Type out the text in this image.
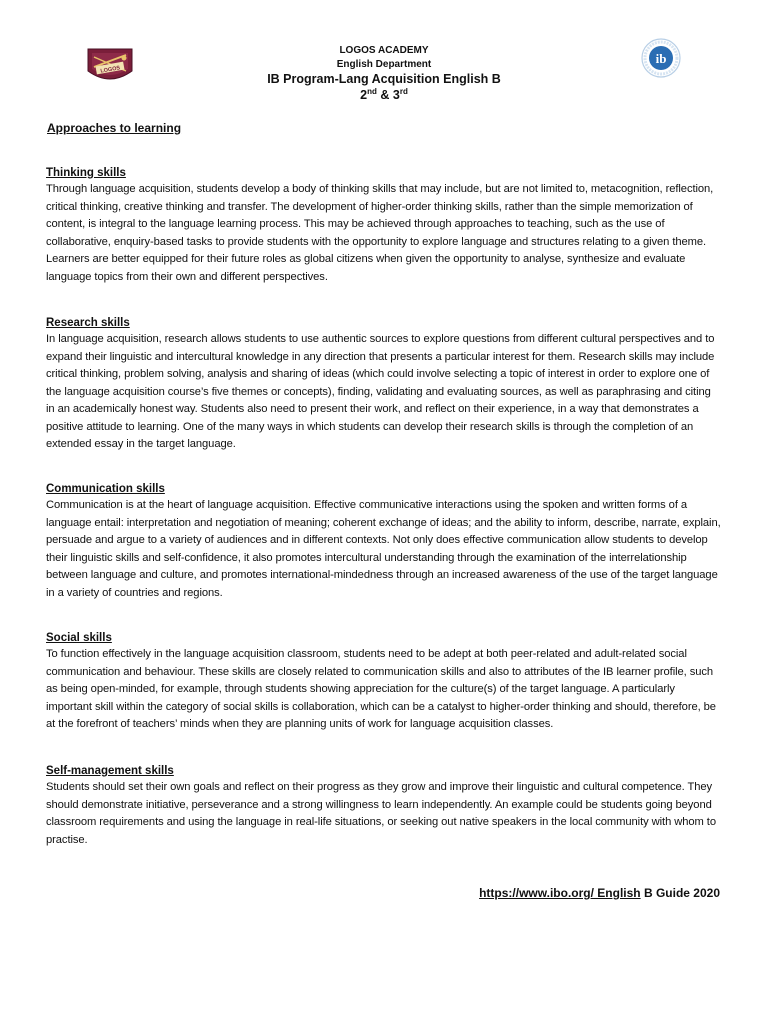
LOGOS
ib
LOGOS ACADEMY
English Department
IB Program-Lang Acquisition English B
2nd & 3rd
Approaches to learning
Thinking skills

Through language acquisition, students develop a body of thinking skills that may include, but are not limited to, metacognition, reflection, critical thinking, creative thinking and transfer. The development of higher-order thinking skills, rather than the simple memorization of content, is integral to the language learning process. This may be achieved through approaches to teaching, such as the use of collaborative, enquiry-based tasks to provide students with the opportunity to explore language and structures relating to a given theme. Learners are better equipped for their future roles as global citizens when given the opportunity to analyse, synthesize and evaluate language topics from their own and different perspectives.

Research skills

In language acquisition, research allows students to use authentic sources to explore questions from different cultural perspectives and to expand their linguistic and intercultural knowledge in any direction that presents a particular interest for them. Research skills may include critical thinking, problem solving, analysis and sharing of ideas (which could involve selecting a topic of interest in order to explore one of the language acquisition course’s five themes or concepts), finding, validating and evaluating sources, as well as paraphrasing and citing in an academically honest way. Students also need to present their work, and reflect on their experience, in a way that demonstrates a positive attitude to learning. One of the many ways in which students can develop their research skills is through the completion of an extended essay in the target language.

Communication skills

Communication is at the heart of language acquisition. Effective communicative interactions using the spoken and written forms of a language entail: interpretation and negotiation of meaning; coherent exchange of ideas; and the ability to inform, describe, narrate, explain, persuade and argue to a variety of audiences and in different contexts. Not only does effective communication allow students to develop their linguistic skills and self-confidence, it also promotes intercultural understanding through the examination of the interrelationship between language and culture, and promotes international-mindedness through an increased awareness of the use of the target language in a variety of countries and regions.

Social skills

To function effectively in the language acquisition classroom, students need to be adept at both peer-related and adult-related social communication and behaviour. These skills are closely related to communication skills and also to attributes of the IB learner profile, such as being open-minded, for example, through students showing appreciation for the culture(s) of the target language. A particularly important skill within the category of social skills is collaboration, which can be a catalyst to higher-order thinking and should, therefore, be at the forefront of teachers’ minds when they are planning units of work for language acquisition classes.

Self-management skills

Students should set their own goals and reflect on their progress as they grow and improve their linguistic and cultural competence. They should demonstrate initiative, perseverance and a strong willingness to learn independently. An example could be students going beyond classroom requirements and using the language in real-life situations, or seeking out native speakers in the local community with whom to practise.

https://www.ibo.org/ English B Guide 2020
